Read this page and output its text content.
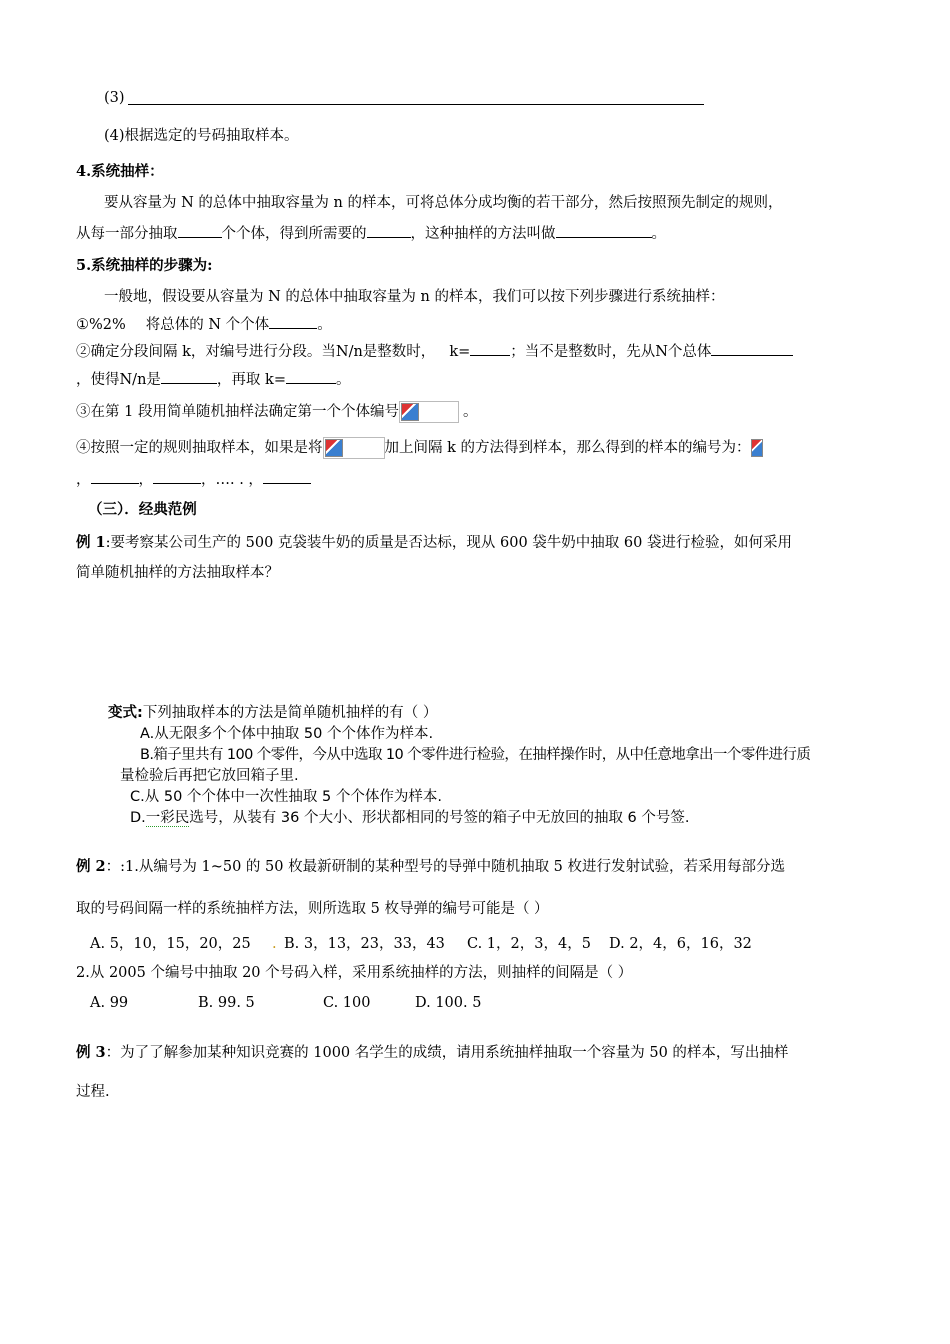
(3)
(4)根据选定的号码抽取样本。
4.系统抽样：
要从容量为 N 的总体中抽取容量为 n 的样本，可将总体分成均衡的若干部分，然后按照预先制定的规则，
从每一部分抽取	个个体，得到所需要的	，这种抽样的方法叫做	。
5.系统抽样的步骤为:
一般地，假设要从容量为 N 的总体中抽取容量为 n 的样本，我们可以按下列步骤进行系统抽样：
①%2% 将总体的 N 个个体	。
②确定分段间隔 k，对编号进行分段。当N/n是整数时， k=	；当不是整数时，先从N个总体
，使得N/n是	，再取 k=	。
③在第 1 段用简单随机抽样法确定第一个个体编号	。
④按照一定的规则抽取样本，如果是将	加上间隔 k 的方法得到样本，那么得到的样本的编号为：
，	，	，…. . ，
（三）．经典范例
例 1:要考察某公司生产的 500 克袋装牛奶的质量是否达标，现从 600 袋牛奶中抽取 60 袋进行检验，如何采用
简单随机抽样的方法抽取样本？
变式:下列抽取样本的方法是简单随机抽样的有（ ）
A.从无限多个个体中抽取 50 个个体作为样本.
B.箱子里共有 100 个零件，今从中选取 10 个零件进行检验，在抽样操作时，从中任意地拿出一个零件进行质
量检验后再把它放回箱子里.
C.从 50 个个体中一次性抽取 5 个个体作为样本.
D.一彩民选号，从装有 36 个大小、形状都相同的号签的箱子中无放回的抽取 6 个号签.
例 2：:1.从编号为 1~50 的 50 枚最新研制的某种型号的导弹中随机抽取 5 枚进行发射试验，若采用每部分选
取的号码间隔一样的系统抽样方法，则所选取 5 枚导弹的编号可能是（ ）
A. 5，10，15，20，25 . B. 3，13，23，33，43 C. 1，2，3，4，5 D. 2，4，6，16，32
2.从 2005 个编号中抽取 20 个号码入样，采用系统抽样的方法，则抽样的间隔是（ ）
A. 99	B. 99. 5	C. 100	D. 100. 5
例 3：为了了解参加某种知识竞赛的 1000 名学生的成绩，请用系统抽样抽取一个容量为 50 的样本，写出抽样
过程.
